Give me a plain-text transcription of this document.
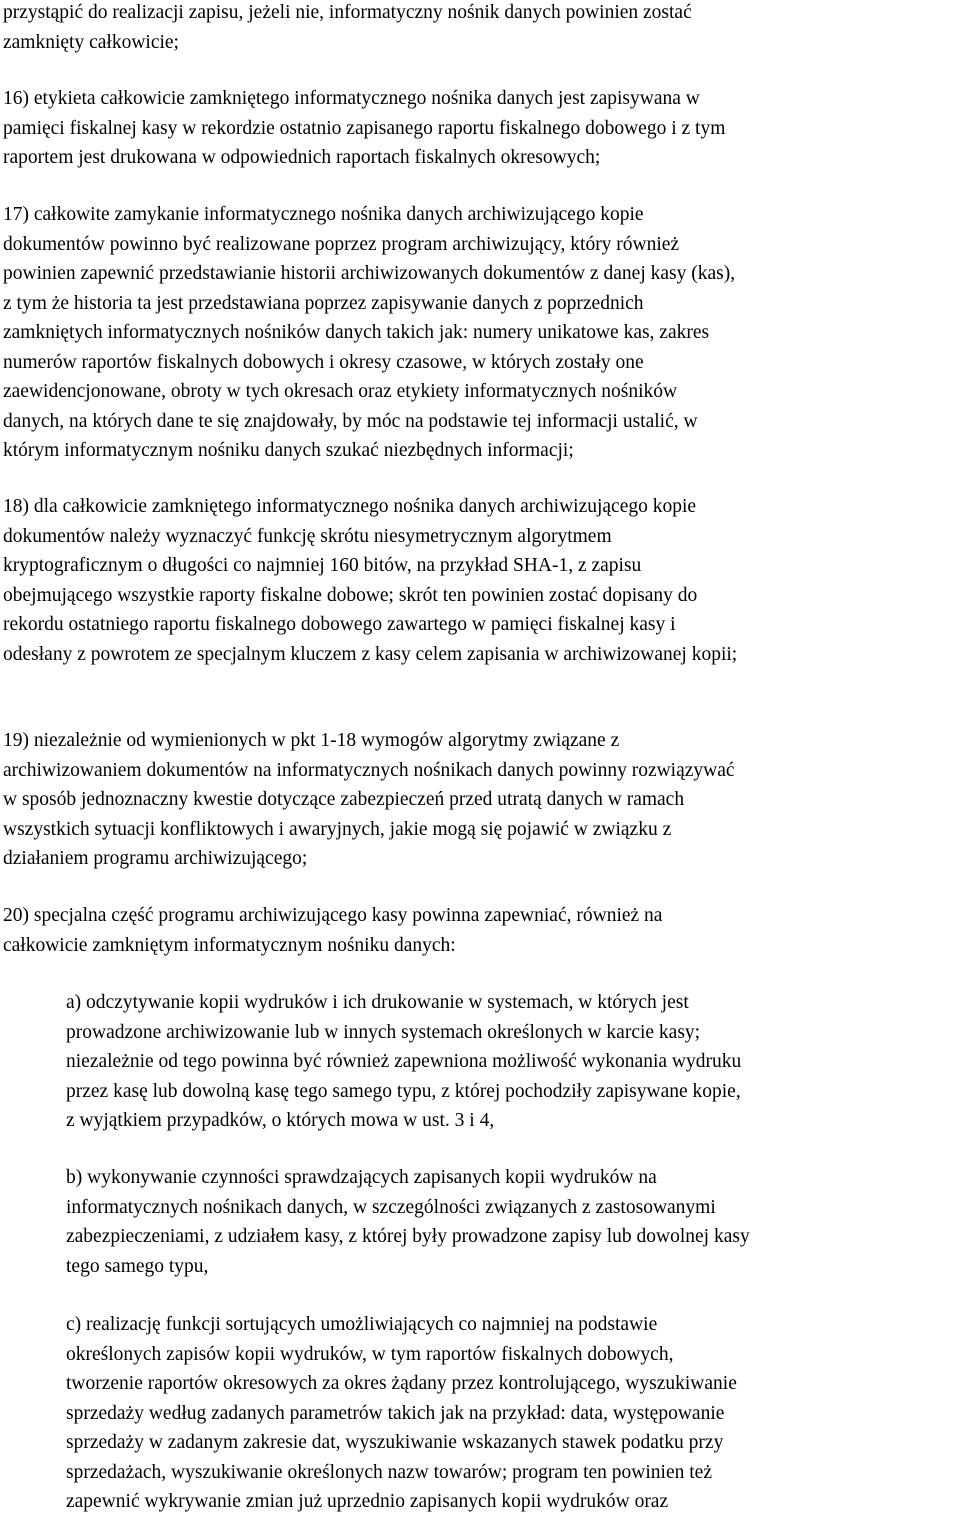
przystąpić do realizacji zapisu, jeżeli nie, informatyczny nośnik danych powinien zostać
zamknięty całkowicie;
16) etykieta całkowicie zamkniętego informatycznego nośnika danych jest zapisywana w
pamięci fiskalnej kasy w rekordzie ostatnio zapisanego raportu fiskalnego dobowego i z tym
raportem jest drukowana w odpowiednich raportach fiskalnych okresowych;
17) całkowite zamykanie informatycznego nośnika danych archiwizującego kopie
dokumentów powinno być realizowane poprzez program archiwizujący, który również
powinien zapewnić przedstawianie historii archiwizowanych dokumentów z danej kasy (kas),
z tym że historia ta jest przedstawiana poprzez zapisywanie danych z poprzednich
zamkniętych informatycznych nośników danych takich jak: numery unikatowe kas, zakres
numerów raportów fiskalnych dobowych i okresy czasowe, w których zostały one
zaewidencjonowane, obroty w tych okresach oraz etykiety informatycznych nośników
danych, na których dane te się znajdowały, by móc na podstawie tej informacji ustalić, w
którym informatycznym nośniku danych szukać niezbędnych informacji;
18) dla całkowicie zamkniętego informatycznego nośnika danych archiwizującego kopie
dokumentów należy wyznaczyć funkcję skrótu niesymetrycznym algorytmem
kryptograficznym o długości co najmniej 160 bitów, na przykład SHA-1, z zapisu
obejmującego wszystkie raporty fiskalne dobowe; skrót ten powinien zostać dopisany do
rekordu ostatniego raportu fiskalnego dobowego zawartego w pamięci fiskalnej kasy i
odesłany z powrotem ze specjalnym kluczem z kasy celem zapisania w archiwizowanej kopii;
19) niezależnie od wymienionych w pkt 1-18 wymogów algorytmy związane z
archiwizowaniem dokumentów na informatycznych nośnikach danych powinny rozwiązywać
w sposób jednoznaczny kwestie dotyczące zabezpieczeń przed utratą danych w ramach
wszystkich sytuacji konfliktowych i awaryjnych, jakie mogą się pojawić w związku z
działaniem programu archiwizującego;
20) specjalna część programu archiwizującego kasy powinna zapewniać, również na
całkowicie zamkniętym informatycznym nośniku danych:
a) odczytywanie kopii wydruków i ich drukowanie w systemach, w których jest
prowadzone archiwizowanie lub w innych systemach określonych w karcie kasy;
niezależnie od tego powinna być również zapewniona możliwość wykonania wydruku
przez kasę lub dowolną kasę tego samego typu, z której pochodziły zapisywane kopie,
z wyjątkiem przypadków, o których mowa w ust. 3 i 4,
b) wykonywanie czynności sprawdzających zapisanych kopii wydruków na
informatycznych nośnikach danych, w szczególności związanych z zastosowanymi
zabezpieczeniami, z udziałem kasy, z której były prowadzone zapisy lub dowolnej kasy
tego samego typu,
c) realizację funkcji sortujących umożliwiających co najmniej na podstawie
określonych zapisów kopii wydruków, w tym raportów fiskalnych dobowych,
tworzenie raportów okresowych za okres żądany przez kontrolującego, wyszukiwanie
sprzedaży według zadanych parametrów takich jak na przykład: data, występowanie
sprzedaży w zadanym zakresie dat, wyszukiwanie wskazanych stawek podatku przy
sprzedażach, wyszukiwanie określonych nazw towarów; program ten powinien też
zapewnić wykrywanie zmian już uprzednio zapisanych kopii wydruków oraz
